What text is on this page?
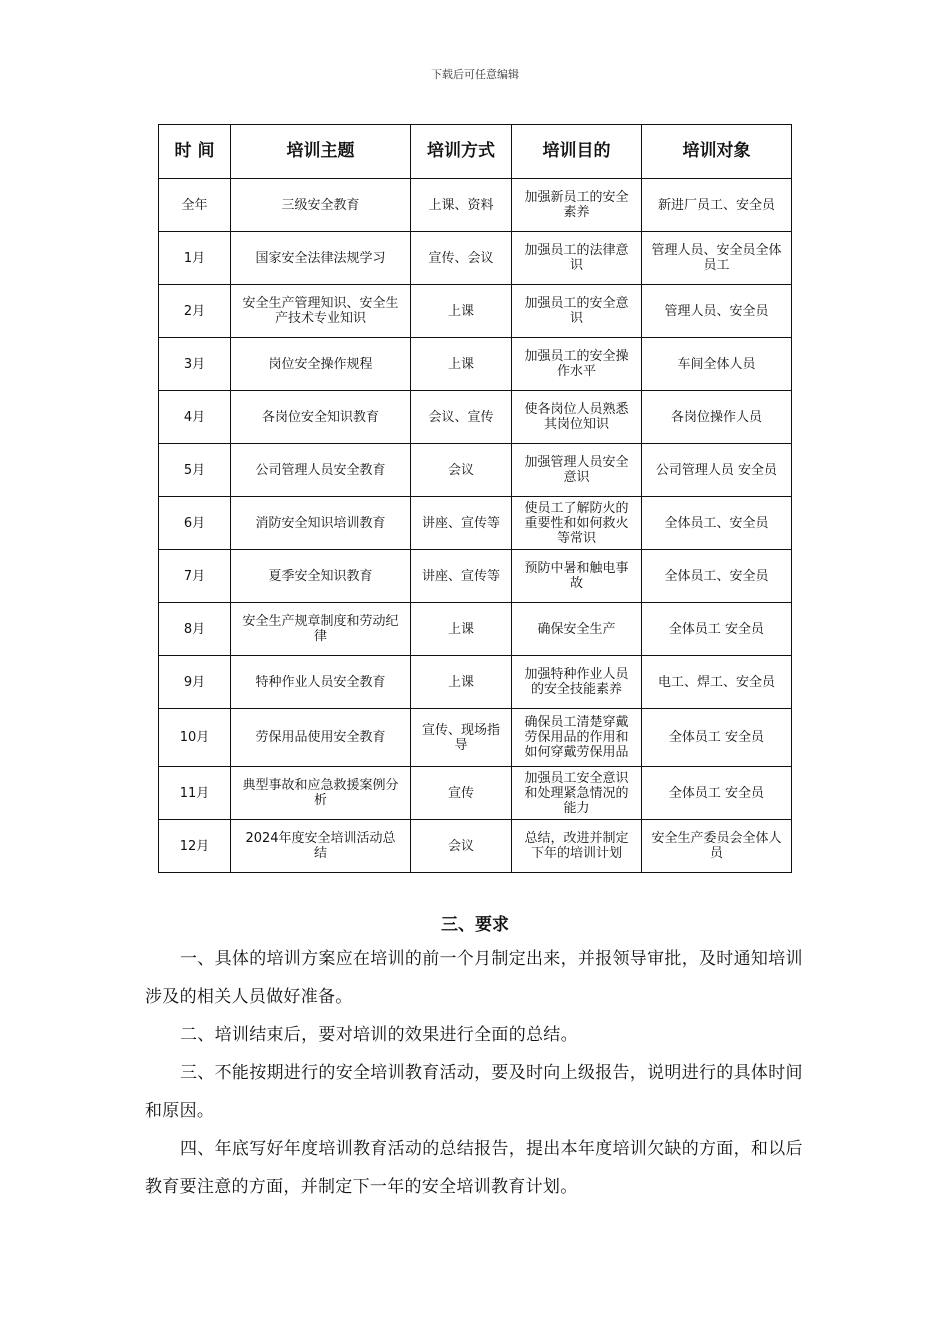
下载后可任意编辑
时 间	培训主题	培训方式	培训目的	培训对象
全年	三级安全教育	上课、资料	加强新员工的安全素养	新进厂员工、安全员
1月	国家安全法律法规学习	宣传、会议	加强员工的法律意识	管理人员、安全员全体员工
2月	安全生产管理知识、安全生产技术专业知识	上课	加强员工的安全意识	管理人员、安全员
3月	岗位安全操作规程	上课	加强员工的安全操作水平	车间全体人员
4月	各岗位安全知识教育	会议、宣传	使各岗位人员熟悉其岗位知识	各岗位操作人员
5月	公司管理人员安全教育	会议	加强管理人员安全意识	公司管理人员 安全员
6月	消防安全知识培训教育	讲座、宣传等	使员工了解防火的重要性和如何救火等常识	全体员工、安全员
7月	夏季安全知识教育	讲座、宣传等	预防中暑和触电事故	全体员工、安全员
8月	安全生产规章制度和劳动纪律	上课	确保安全生产	全体员工 安全员
9月	特种作业人员安全教育	上课	加强特种作业人员的安全技能素养	电工、焊工、安全员
10月	劳保用品使用安全教育	宣传、现场指导	确保员工清楚穿戴劳保用品的作用和如何穿戴劳保用品	全体员工 安全员
11月	典型事故和应急救援案例分析	宣传	加强员工安全意识和处理紧急情况的能力	全体员工 安全员
12月	2024年度安全培训活动总结	会议	总结，改进并制定下年的培训计划	安全生产委员会全体人员
三、要求

一、具体的培训方案应在培训的前一个月制定出来，并报领导审批，及时通知培训涉及的相关人员做好准备。

二、培训结束后，要对培训的效果进行全面的总结。

三、不能按期进行的安全培训教育活动，要及时向上级报告，说明进行的具体时间和原因。

四、年底写好年度培训教育活动的总结报告，提出本年度培训欠缺的方面，和以后教育要注意的方面，并制定下一年的安全培训教育计划。
